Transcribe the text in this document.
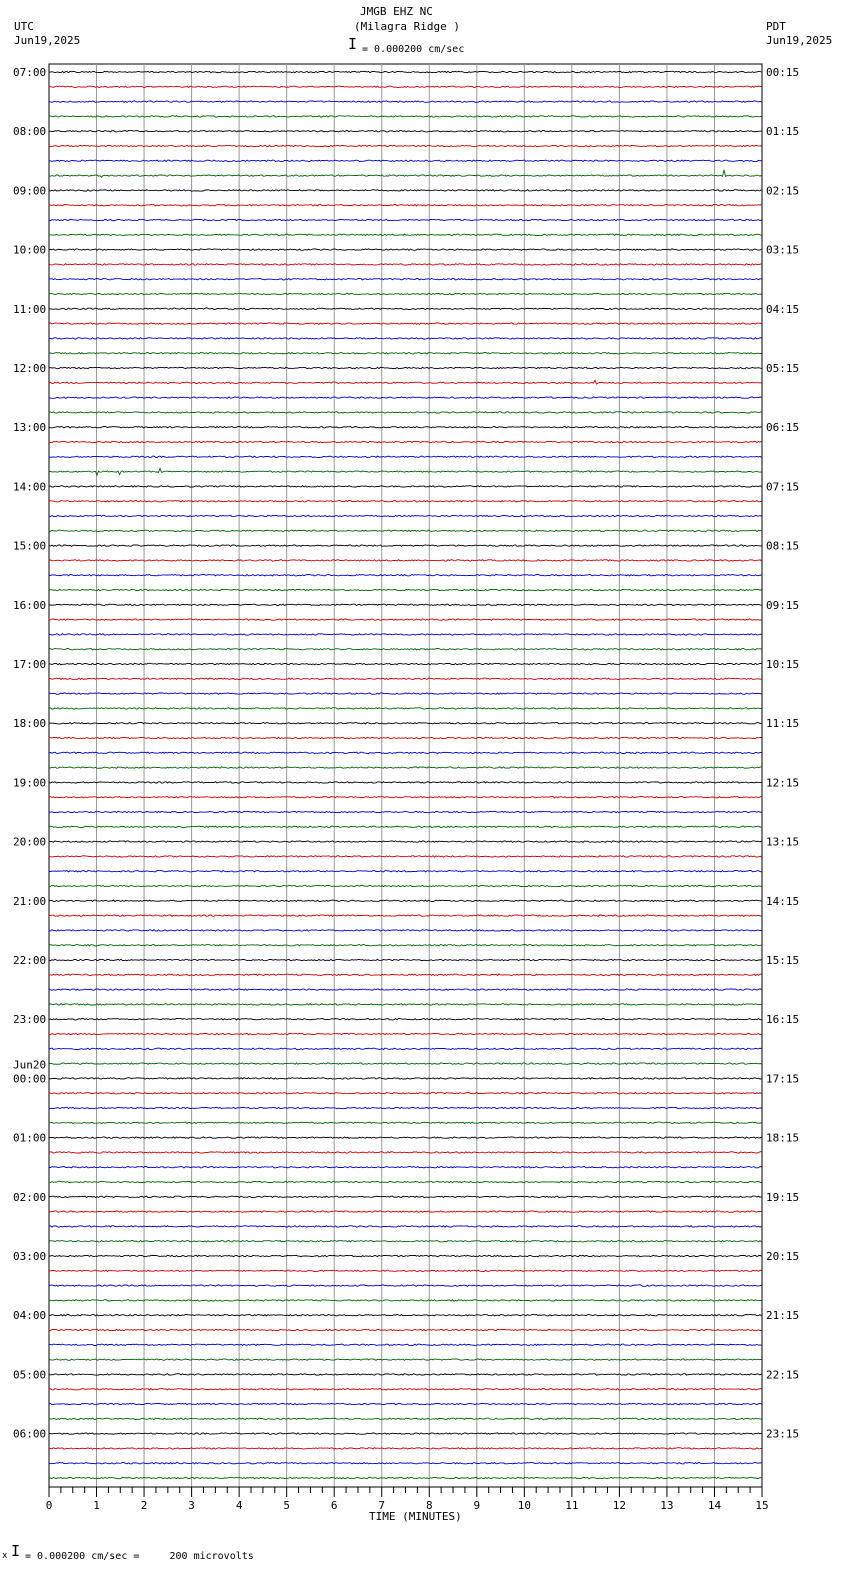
JMGB EHZ NC
(Milagra Ridge )
I = 0.000200 cm/sec
UTC
Jun19,2025
PDT
Jun19,2025
07:00	00:15
08:00	01:15
09:00	02:15
10:00	03:15
11:00	04:15
12:00	05:15
13:00	06:15
14:00	07:15
15:00	08:15
16:00	09:15
17:00	10:15
18:00	11:15
19:00	12:15
20:00	13:15
21:00	14:15
22:00	15:15
23:00	16:15
00:00	17:15
01:00	18:15
02:00	19:15
03:00	20:15
04:00	21:15
05:00	22:15
06:00	23:15
Jun20
0	1	2	3	4	5	6	7	8	9	10	11	12	13	14	15
TIME (MINUTES)
x I = 0.000200 cm/sec =     200 microvolts
